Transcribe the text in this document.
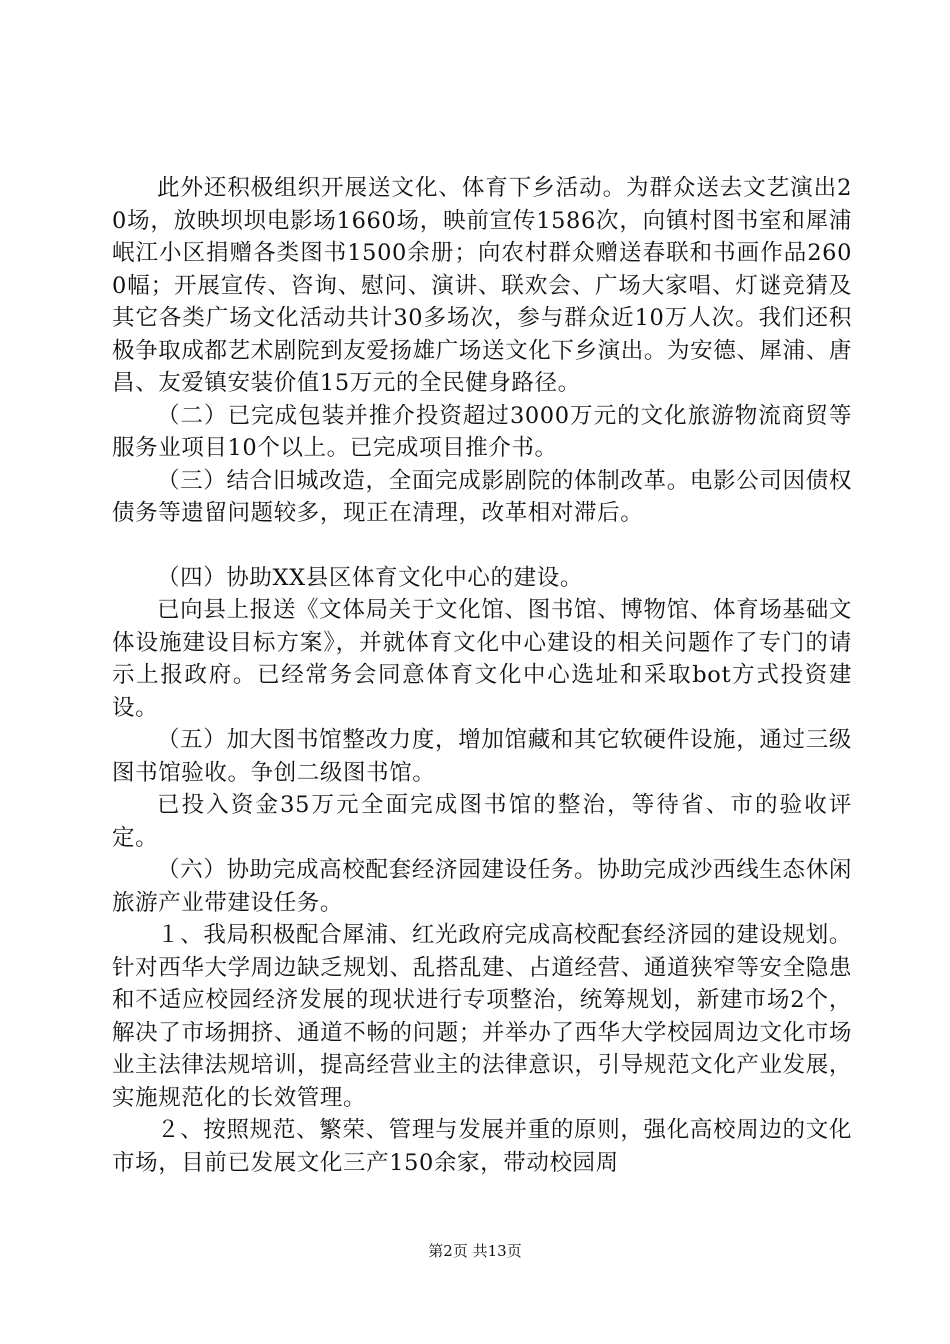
此外还积极组织开展送文化、体育下乡活动。为群众送去文艺演出20场，放映坝坝电影场1660场，映前宣传1586次，向镇村图书室和犀浦岷江小区捐赠各类图书1500余册；向农村群众赠送春联和书画作品2600幅；开展宣传、咨询、慰问、演讲、联欢会、广场大家唱、灯谜竞猜及其它各类广场文化活动共计30多场次，参与群众近10万人次。我们还积极争取成都艺术剧院到友爱扬雄广场送文化下乡演出。为安德、犀浦、唐昌、友爱镇安装价值15万元的全民健身路径。

（二）已完成包装并推介投资超过3000万元的文化旅游物流商贸等服务业项目10个以上。已完成项目推介书。

（三）结合旧城改造，全面完成影剧院的体制改革。电影公司因债权债务等遗留问题较多，现正在清理，改革相对滞后。

（四）协助XX县区体育文化中心的建设。

已向县上报送《文体局关于文化馆、图书馆、博物馆、体育场基础文体设施建设目标方案》，并就体育文化中心建设的相关问题作了专门的请示上报政府。已经常务会同意体育文化中心选址和采取bot方式投资建设。

（五）加大图书馆整改力度，增加馆藏和其它软硬件设施，通过三级图书馆验收。争创二级图书馆。

已投入资金35万元全面完成图书馆的整治，等待省、市的验收评定。

（六）协助完成高校配套经济园建设任务。协助完成沙西线生态休闲旅游产业带建设任务。

１、我局积极配合犀浦、红光政府完成高校配套经济园的建设规划。针对西华大学周边缺乏规划、乱搭乱建、占道经营、通道狭窄等安全隐患和不适应校园经济发展的现状进行专项整治，统筹规划，新建市场2个，解决了市场拥挤、通道不畅的问题；并举办了西华大学校园周边文化市场业主法律法规培训，提高经营业主的法律意识，引导规范文化产业发展，实施规范化的长效管理。

２、按照规范、繁荣、管理与发展并重的原则，强化高校周边的文化市场，目前已发展文化三产150余家，带动校园周

第2页 共13页
